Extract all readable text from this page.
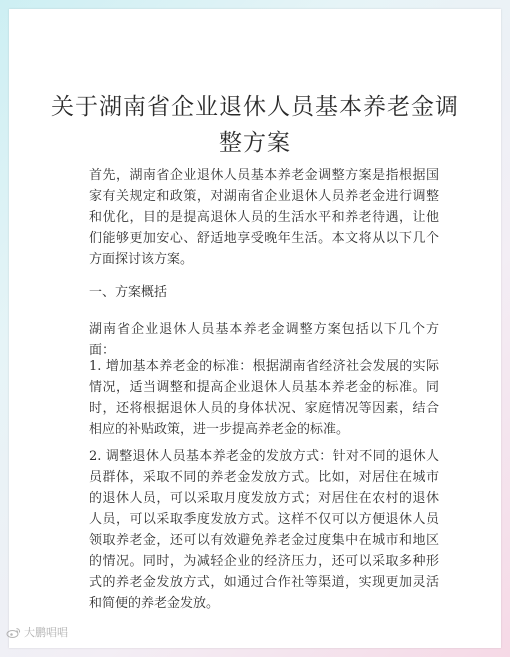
关于湖南省企业退休人员基本养老金调整方案

首先，湖南省企业退休人员基本养老金调整方案是指根据国家有关规定和政策，对湖南省企业退休人员养老金进行调整和优化，目的是提高退休人员的生活水平和养老待遇，让他们能够更加安心、舒适地享受晚年生活。本文将从以下几个方面探讨该方案。

一、方案概括

湖南省企业退休人员基本养老金调整方案包括以下几个方面：

1. 增加基本养老金的标准：根据湖南省经济社会发展的实际情况，适当调整和提高企业退休人员基本养老金的标准。同时，还将根据退休人员的身体状况、家庭情况等因素，结合相应的补贴政策，进一步提高养老金的标准。

2. 调整退休人员基本养老金的发放方式：针对不同的退休人员群体，采取不同的养老金发放方式。比如，对居住在城市的退休人员，可以采取月度发放方式；对居住在农村的退休人员，可以采取季度发放方式。这样不仅可以方便退休人员领取养老金，还可以有效避免养老金过度集中在城市和地区的情况。同时，为减轻企业的经济压力，还可以采取多种形式的养老金发放方式，如通过合作社等渠道，实现更加灵活和简便的养老金发放。

大鹏唱唱
